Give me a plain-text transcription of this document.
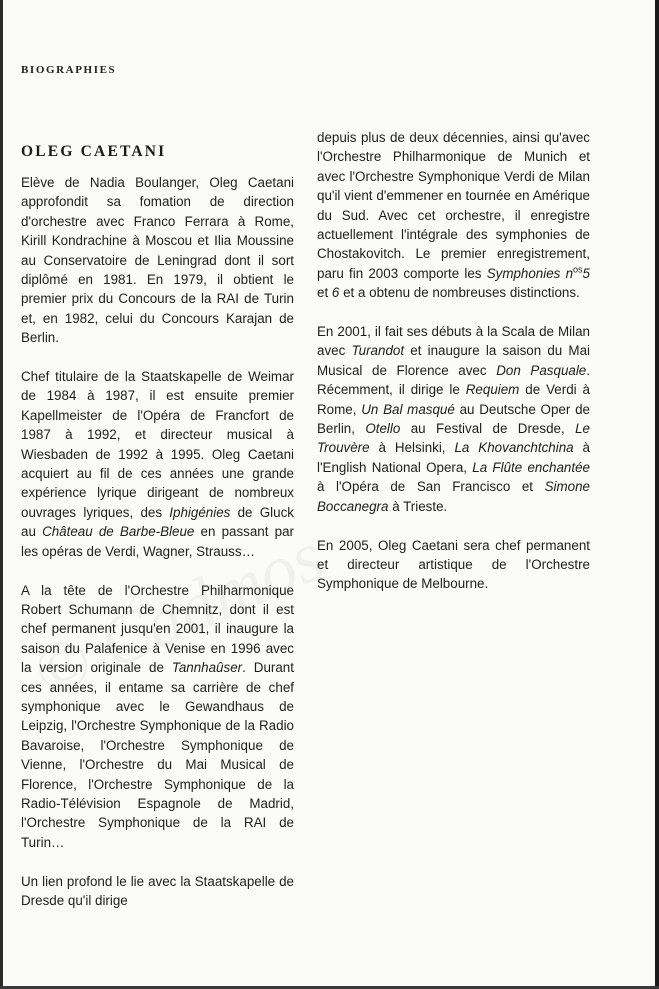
BIOGRAPHIES
OLEG CAETANI

Elève de Nadia Boulanger, Oleg Caetani approfondit sa fomation de direction d'orchestre avec Franco Ferrara à Rome, Kirill Kondrachine à Moscou et Ilia Moussine au Conservatoire de Leningrad dont il sort diplômé en 1981. En 1979, il obtient le premier prix du Concours de la RAI de Turin et, en 1982, celui du Concours Karajan de Berlin.

Chef titulaire de la Staatskapelle de Weimar de 1984 à 1987, il est ensuite premier Kapellmeister de l'Opéra de Francfort de 1987 à 1992, et directeur musical à Wiesbaden de 1992 à 1995. Oleg Caetani acquiert au fil de ces années une grande expérience lyrique dirigeant de nombreux ouvrages lyriques, des Iphigénies de Gluck au Château de Barbe-Bleue en passant par les opéras de Verdi, Wagner, Strauss…

A la tête de l'Orchestre Philharmonique Robert Schumann de Chemnitz, dont il est chef permanent jusqu'en 2001, il inaugure la saison du Palafenice à Venise en 1996 avec la version originale de Tannhaûser. Durant ces années, il entame sa carrière de chef symphonique avec le Gewandhaus de Leipzig, l'Orchestre Symphonique de la Radio Bavaroise, l'Orchestre Symphonique de Vienne, l'Orchestre du Mai Musical de Florence, l'Orchestre Symphonique de la Radio-Télévision Espagnole de Madrid, l'Orchestre Symphonique de la RAI de Turin…

Un lien profond le lie avec la Staatskapelle de Dresde qu'il dirige

depuis plus de deux décennies, ainsi qu'avec l'Orchestre Philharmonique de Munich et avec l'Orchestre Symphonique Verdi de Milan qu'il vient d'emmener en tournée en Amérique du Sud. Avec cet orchestre, il enregistre actuellement l'intégrale des symphonies de Chostakovitch. Le premier enregistrement, paru fin 2003 comporte les Symphonies $n^{os}5$ et 6 et a obtenu de nombreuses distinctions.

En 2001, il fait ses débuts à la Scala de Milan avec Turandot et inaugure la saison du Mai Musical de Florence avec Don Pasquale. Récemment, il dirige le Requiem de Verdi à Rome, Un Bal masqué au Deutsche Oper de Berlin, Otello au Festival de Dresde, Le Trouvère à Helsinki, La Khovanchtchina à l'English National Opera, La Flûte enchantée à l'Opéra de San Francisco et Simone Boccanegra à Trieste.

En 2005, Oleg Caetani sera chef permanent et directeur artistique de l'Orchestre Symphonique de Melbourne.
